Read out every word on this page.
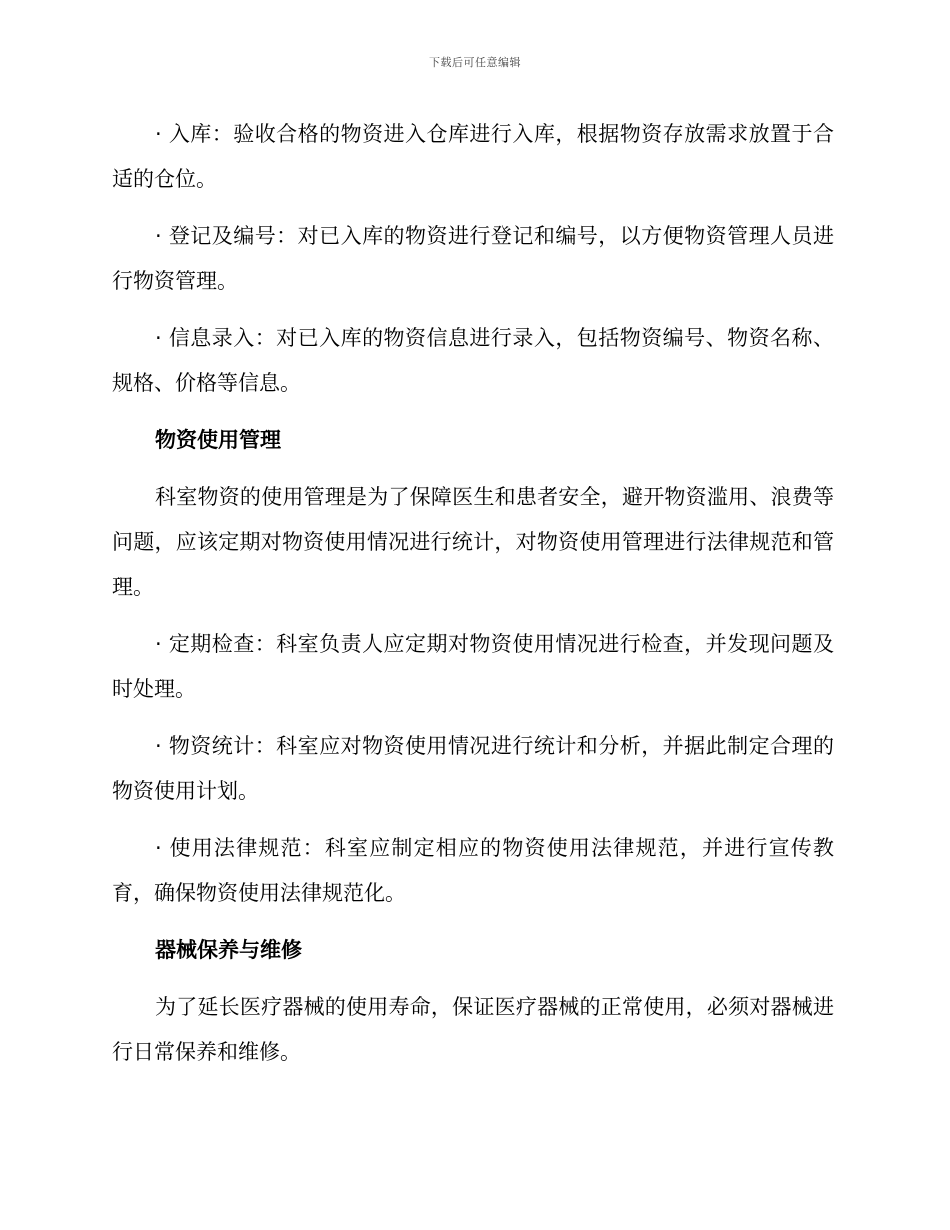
下载后可任意编辑

· 入库：验收合格的物资进入仓库进行入库，根据物资存放需求放置于合适的仓位。

· 登记及编号：对已入库的物资进行登记和编号，以方便物资管理人员进行物资管理。

· 信息录入：对已入库的物资信息进行录入，包括物资编号、物资名称、规格、价格等信息。

物资使用管理

科室物资的使用管理是为了保障医生和患者安全，避开物资滥用、浪费等问题，应该定期对物资使用情况进行统计，对物资使用管理进行法律规范和管理。

· 定期检查：科室负责人应定期对物资使用情况进行检查，并发现问题及时处理。

· 物资统计：科室应对物资使用情况进行统计和分析，并据此制定合理的物资使用计划。

· 使用法律规范：科室应制定相应的物资使用法律规范，并进行宣传教育，确保物资使用法律规范化。

器械保养与维修

为了延长医疗器械的使用寿命，保证医疗器械的正常使用，必须对器械进行日常保养和维修。
